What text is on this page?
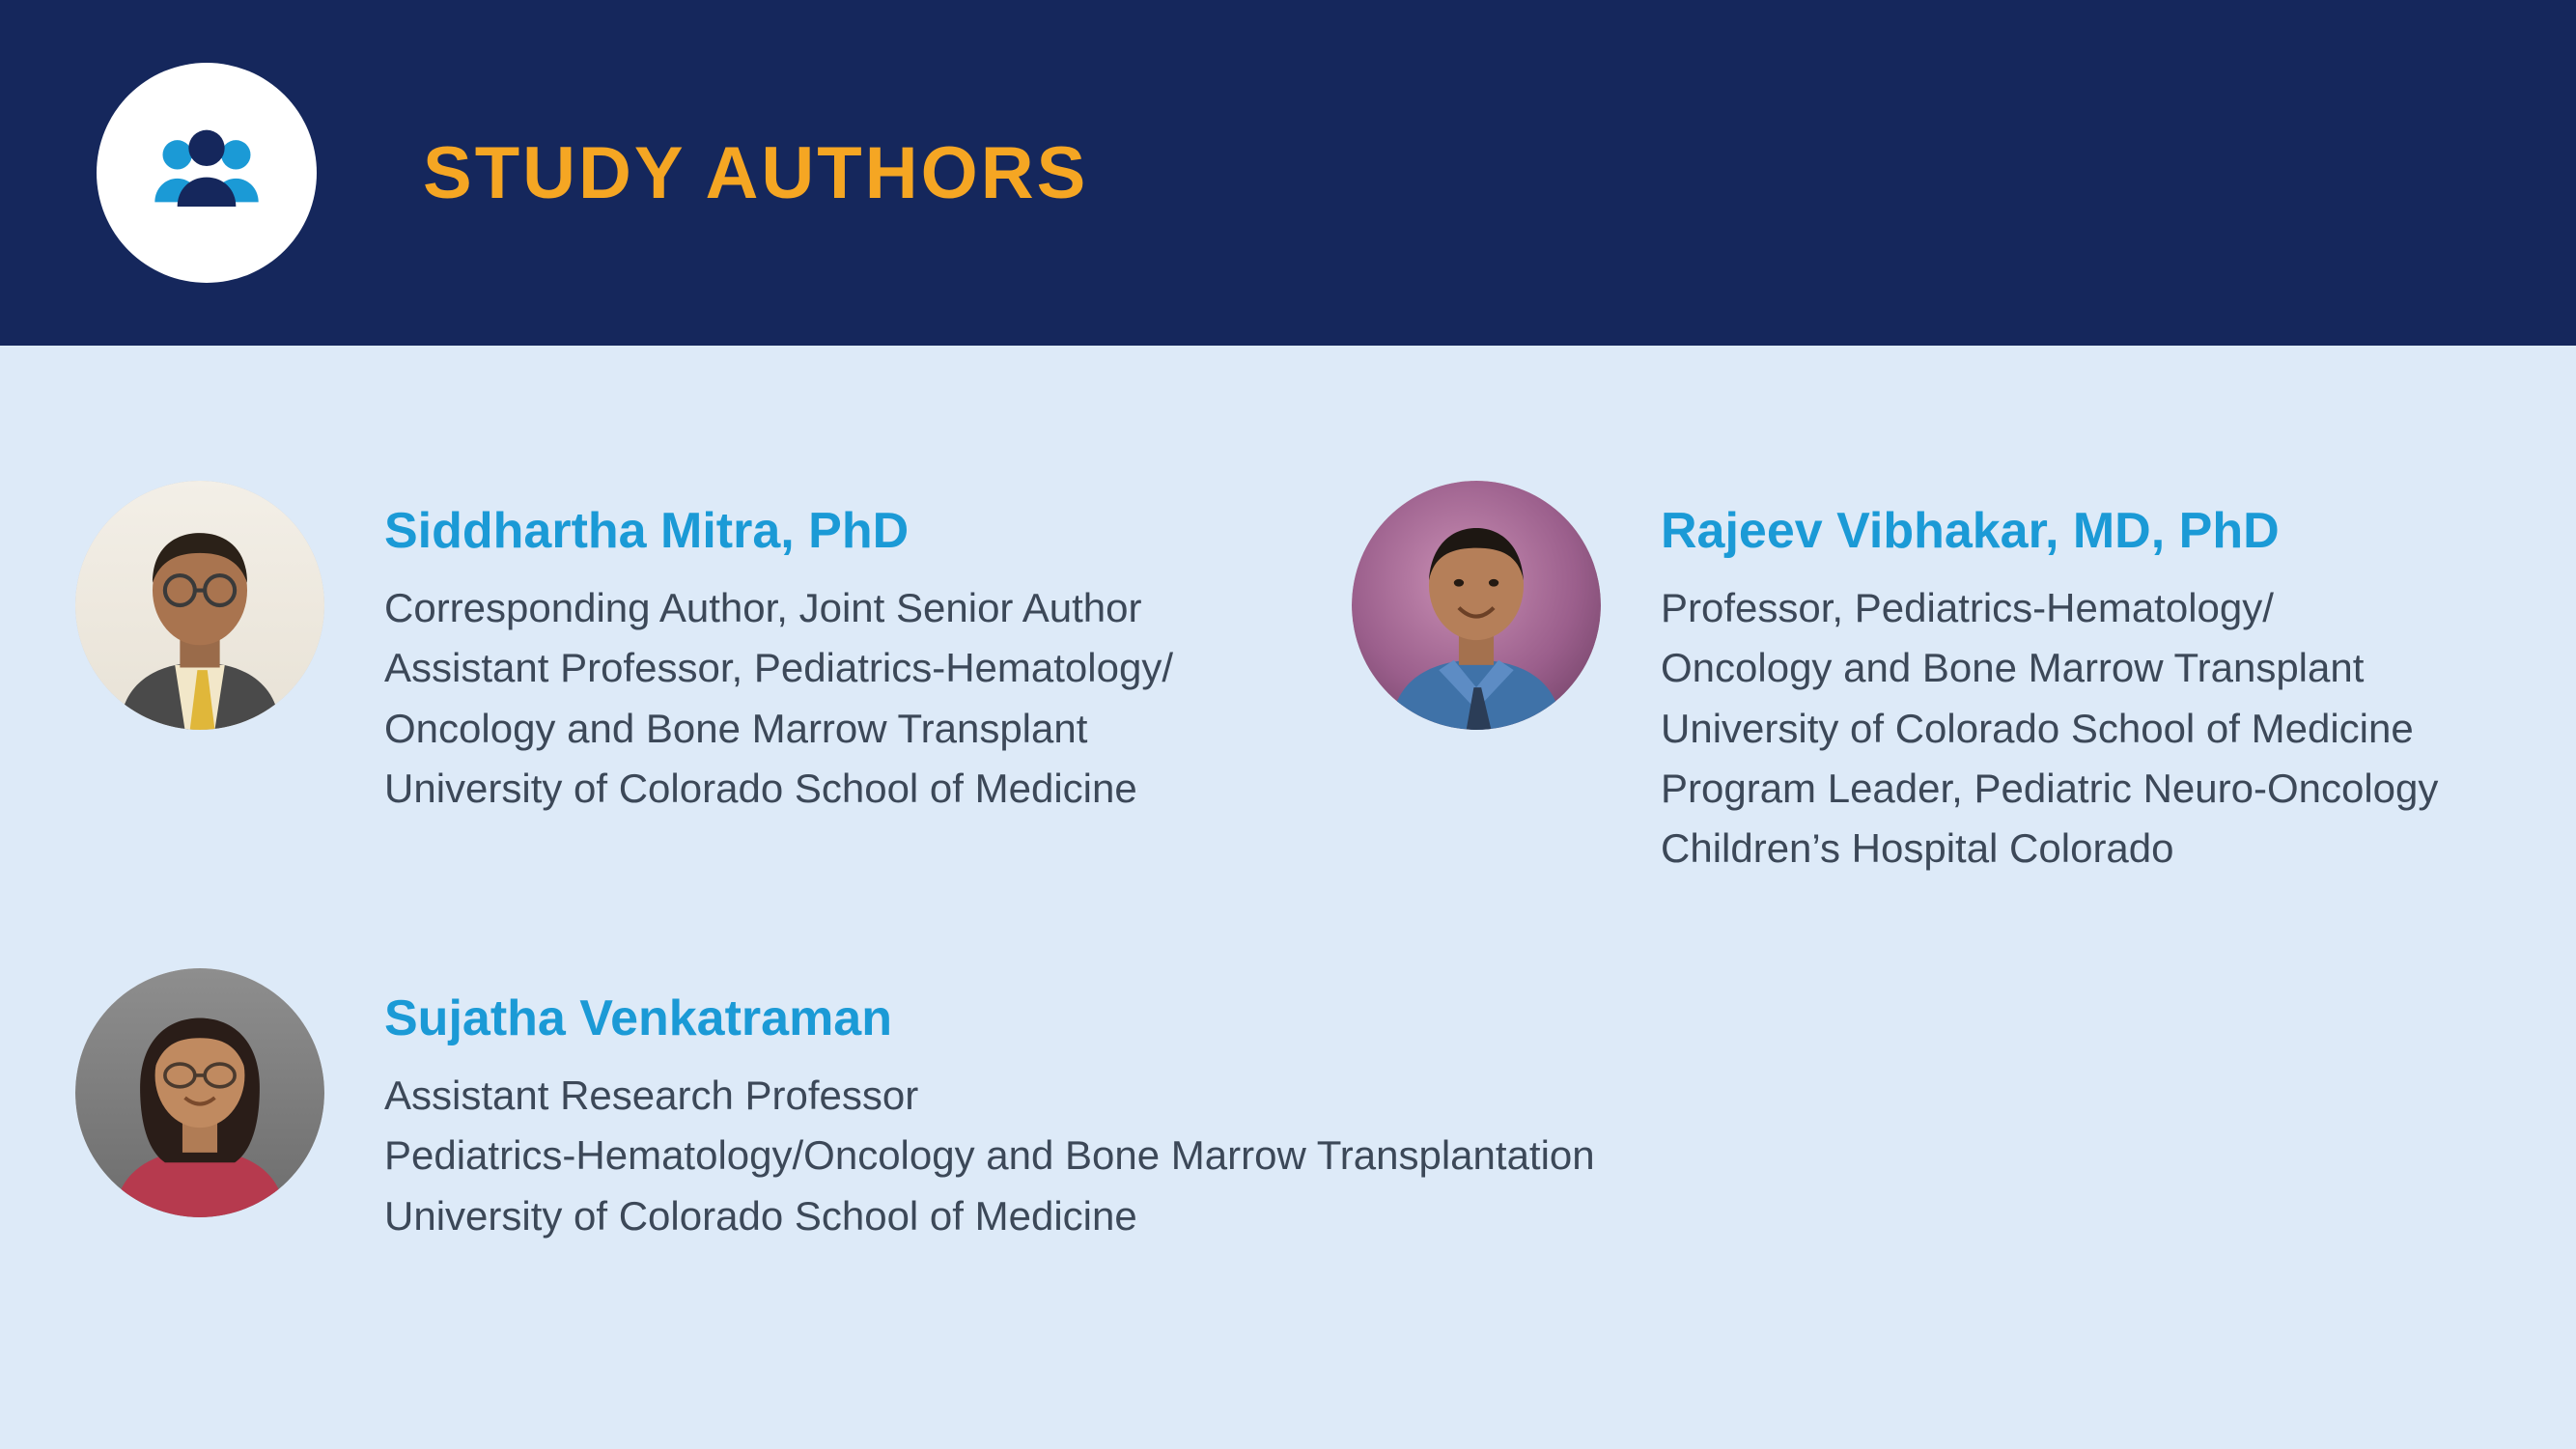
STUDY AUTHORS
Siddhartha Mitra, PhD
Corresponding Author, Joint Senior Author
Assistant Professor, Pediatrics-Hematology/
Oncology and Bone Marrow Transplant
University of Colorado School of Medicine
Rajeev Vibhakar, MD, PhD
Professor, Pediatrics-Hematology/
Oncology and Bone Marrow Transplant
University of Colorado School of Medicine
Program Leader, Pediatric Neuro-Oncology
Children’s Hospital Colorado
Sujatha Venkatraman
Assistant Research Professor
Pediatrics-Hematology/Oncology and Bone Marrow Transplantation
University of Colorado School of Medicine
